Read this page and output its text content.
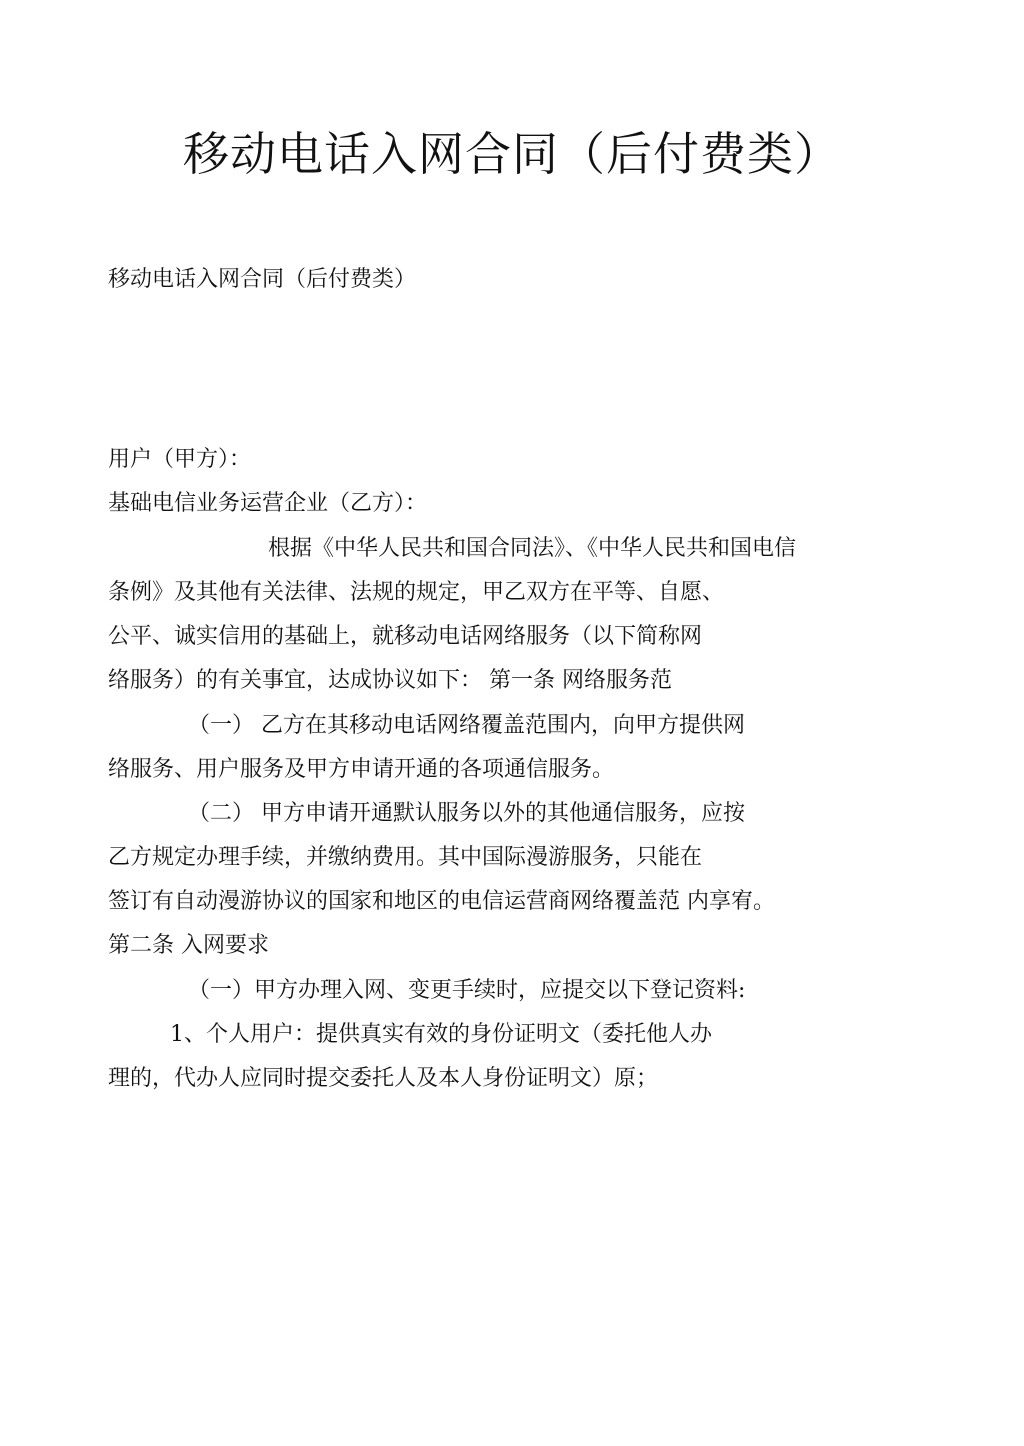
移动电话入网合同（后付费类）
移动电话入网合同（后付费类）
用户（甲方）：
基础电信业务运营企业（乙方）：
根据《中华人民共和国合同法》、《中华人民共和国电信
条例》及其他有关法律、法规的规定，甲乙双方在平等、自愿、
公平、诚实信用的基础上，就移动电话网络服务（以下简称网
络服务）的有关事宜，达成协议如下： 第一条 网络服务范
（一） 乙方在其移动电话网络覆盖范围内，向甲方提供网
络服务、用户服务及甲方申请开通的各项通信服务。
（二） 甲方申请开通默认服务以外的其他通信服务，应按
乙方规定办理手续，并缴纳费用。其中国际漫游服务，只能在
签订有自动漫游协议的国家和地区的电信运营商网络覆盖范 内享宥。
第二条 入网要求
（一）甲方办理入网、变更手续时，应提交以下登记资料:
1、个人用户：提供真实有效的身份证明文（委托他人办
理的，代办人应同时提交委托人及本人身份证明文）原；
